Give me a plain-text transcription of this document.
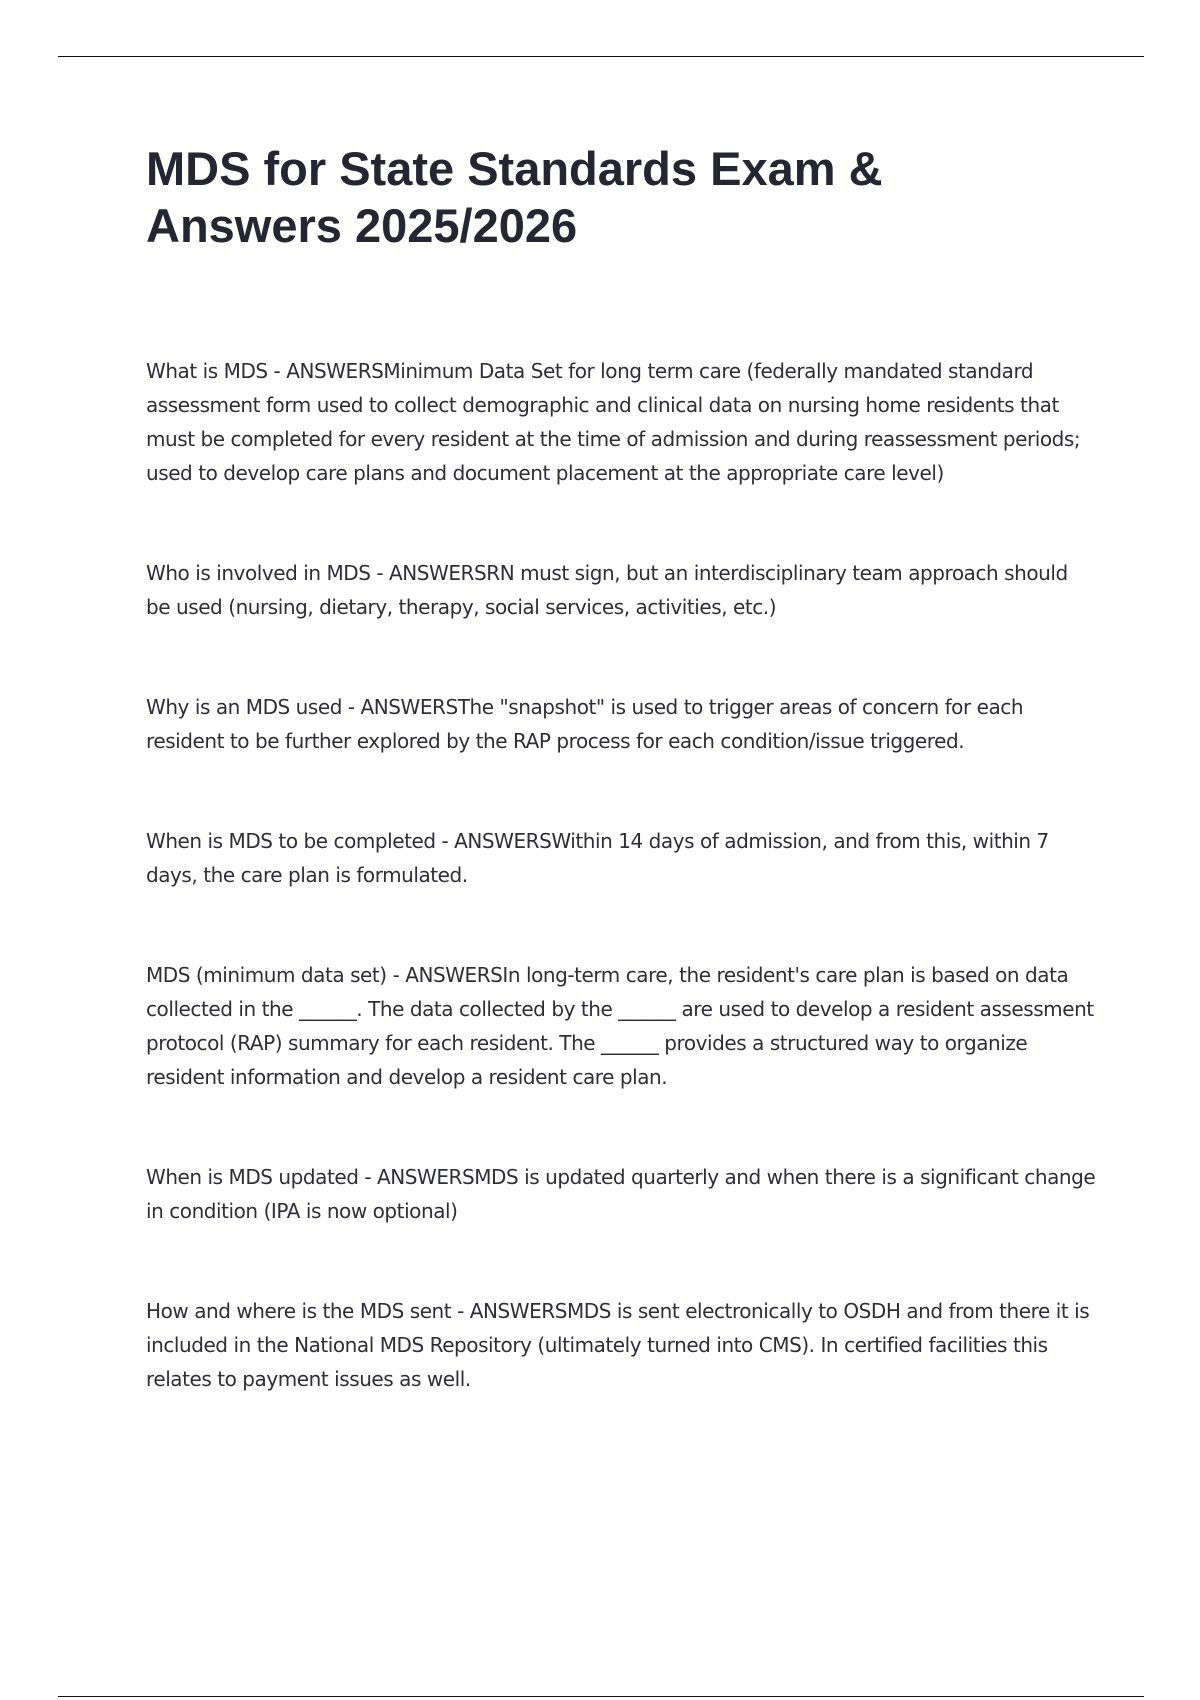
MDS for State Standards Exam & Answers 2025/2026

What is MDS - ANSWERSMinimum Data Set for long term care (federally mandated standard assessment form used to collect demographic and clinical data on nursing home residents that must be completed for every resident at the time of admission and during reassessment periods; used to develop care plans and document placement at the appropriate care level)

Who is involved in MDS - ANSWERSRN must sign, but an interdisciplinary team approach should be used (nursing, dietary, therapy, social services, activities, etc.)

Why is an MDS used - ANSWERSThe "snapshot" is used to trigger areas of concern for each resident to be further explored by the RAP process for each condition/issue triggered.

When is MDS to be completed - ANSWERSWithin 14 days of admission, and from this, within 7 days, the care plan is formulated.

MDS (minimum data set) - ANSWERSIn long-term care, the resident's care plan is based on data collected in the ______. The data collected by the ______ are used to develop a resident assessment protocol (RAP) summary for each resident. The ______ provides a structured way to organize resident information and develop a resident care plan.

When is MDS updated - ANSWERSMDS is updated quarterly and when there is a significant change in condition (IPA is now optional)

How and where is the MDS sent - ANSWERSMDS is sent electronically to OSDH and from there it is included in the National MDS Repository (ultimately turned into CMS). In certified facilities this relates to payment issues as well.
